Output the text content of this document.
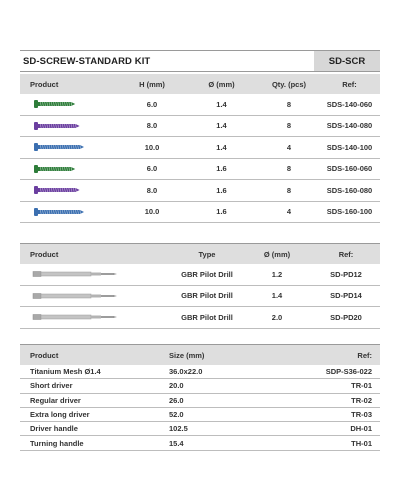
SD-SCREW-STANDARD KIT	SD-SCR
Product	H (mm)	Ø (mm)	Qty. (pcs)	Ref:
6.0	1.4	8	SDS-140-060
8.0	1.4	8	SDS-140-080
10.0	1.4	4	SDS-140-100
6.0	1.6	8	SDS-160-060
8.0	1.6	8	SDS-160-080
10.0	1.6	4	SDS-160-100
Product	Type	Ø (mm)	Ref:
GBR Pilot Drill	1.2	SD-PD12
GBR Pilot Drill	1.4	SD-PD14
GBR Pilot Drill	2.0	SD-PD20
Product	Size (mm)	Ref:
Titanium Mesh Ø1.4	36.0x22.0	SDP-S36-022
Short driver	20.0	TR-01
Regular driver	26.0	TR-02
Extra long driver	52.0	TR-03
Driver handle	102.5	DH-01
Turning handle	15.4	TH-01
